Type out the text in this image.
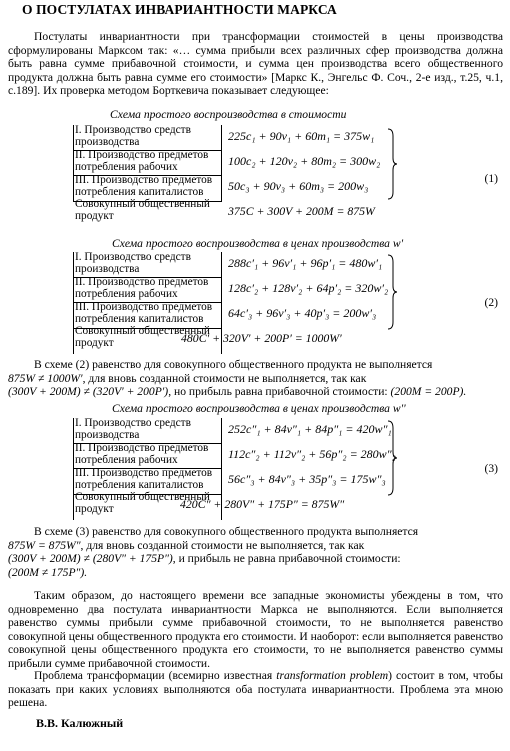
О ПОСТУЛАТАХ ИНВАРИАНТНОСТИ МАРКСА
Постулаты инвариантности при трансформации стоимостей в цены производства сформулированы Марксом так: «… сумма прибыли всех различных сфер производства должна быть равна сумме прибавочной стоимости, и сумма цен производства всего общественного продукта должна быть равна сумме его стоимости» [Маркс К., Энгельс Ф. Соч., 2-е изд., т.25, ч.1, с.189]. Их проверка методом Борткевича показывает следующее:
Схема простого воспроизводства в стоимости
I. Производство средств производства	225c₁ + 90v₁ + 60m₁ = 375w₁
II. Производство предметов потребления рабочих	100c₂ + 120v₂ + 80m₂ = 300w₂
III. Производство предметов потребления капиталистов	50c₃ + 90v₃ + 60m₃ = 200w₃
Совокупный общественный продукт	375C + 300V + 200M = 875W
(1)
Схема простого воспроизводства в ценах производства w'
I. Производство средств производства	288c′₁ + 96v′₁ + 96p′₁ = 480w′₁
II. Производство предметов потребления рабочих	128c′₂ + 128v′₂ + 64p′₂ = 320w′₂
III. Производство предметов потребления капиталистов	64c′₃ + 96v′₃ + 40p′₃ = 200w′₃
Совокупный общественный продукт	480C′ + 320V′ + 200P′ = 1000W′
(2)
В схеме (2) равенство для совокупного общественного продукта не выполняется
875W ≠ 1000W′, для вновь созданной стоимости не выполняется, так как
(300V + 200M) ≠ (320V′ + 200P′), но прибыль равна прибавочной стоимости: (200M = 200P).
Схема простого воспроизводства в ценах производства w''
I. Производство средств производства	252c″₁ + 84v″₁ + 84p″₁ = 420w″₁
II. Производство предметов потребления рабочих	112c″₂ + 112v″₂ + 56p″₂ = 280w″₂
III. Производство предметов потребления капиталистов	56c″₃ + 84v″₃ + 35p″₃ = 175w″₃
Совокупный общественный продукт	420C″ + 280V″ + 175P″ = 875W″
(3)
В схеме (3) равенство для совокупного общественного продукта выполняется
875W = 875W″, для вновь созданной стоимости не выполняется, так как
(300V + 200M) ≠ (280V″ + 175P″), и прибыль не равна прибавочной стоимости:
(200M ≠ 175P″).
Таким образом, до настоящего времени все западные экономисты убеждены в том, что одновременно два постулата инвариантности Маркса не выполняются. Если выполняется равенство суммы прибыли сумме прибавочной стоимости, то не выполняется равенство совокупной цены общественного продукта его стоимости. И наоборот: если выполняется равенство совокупной цены общественного продукта его стоимости, то не выполняется равенство суммы прибыли сумме прибавочной стоимости.
Проблема трансформации (всемирно известная transformation problem) состоит в том, чтобы показать при каких условиях выполняются оба постулата инвариантности. Проблема эта мною решена.
В.В. Калюжный
